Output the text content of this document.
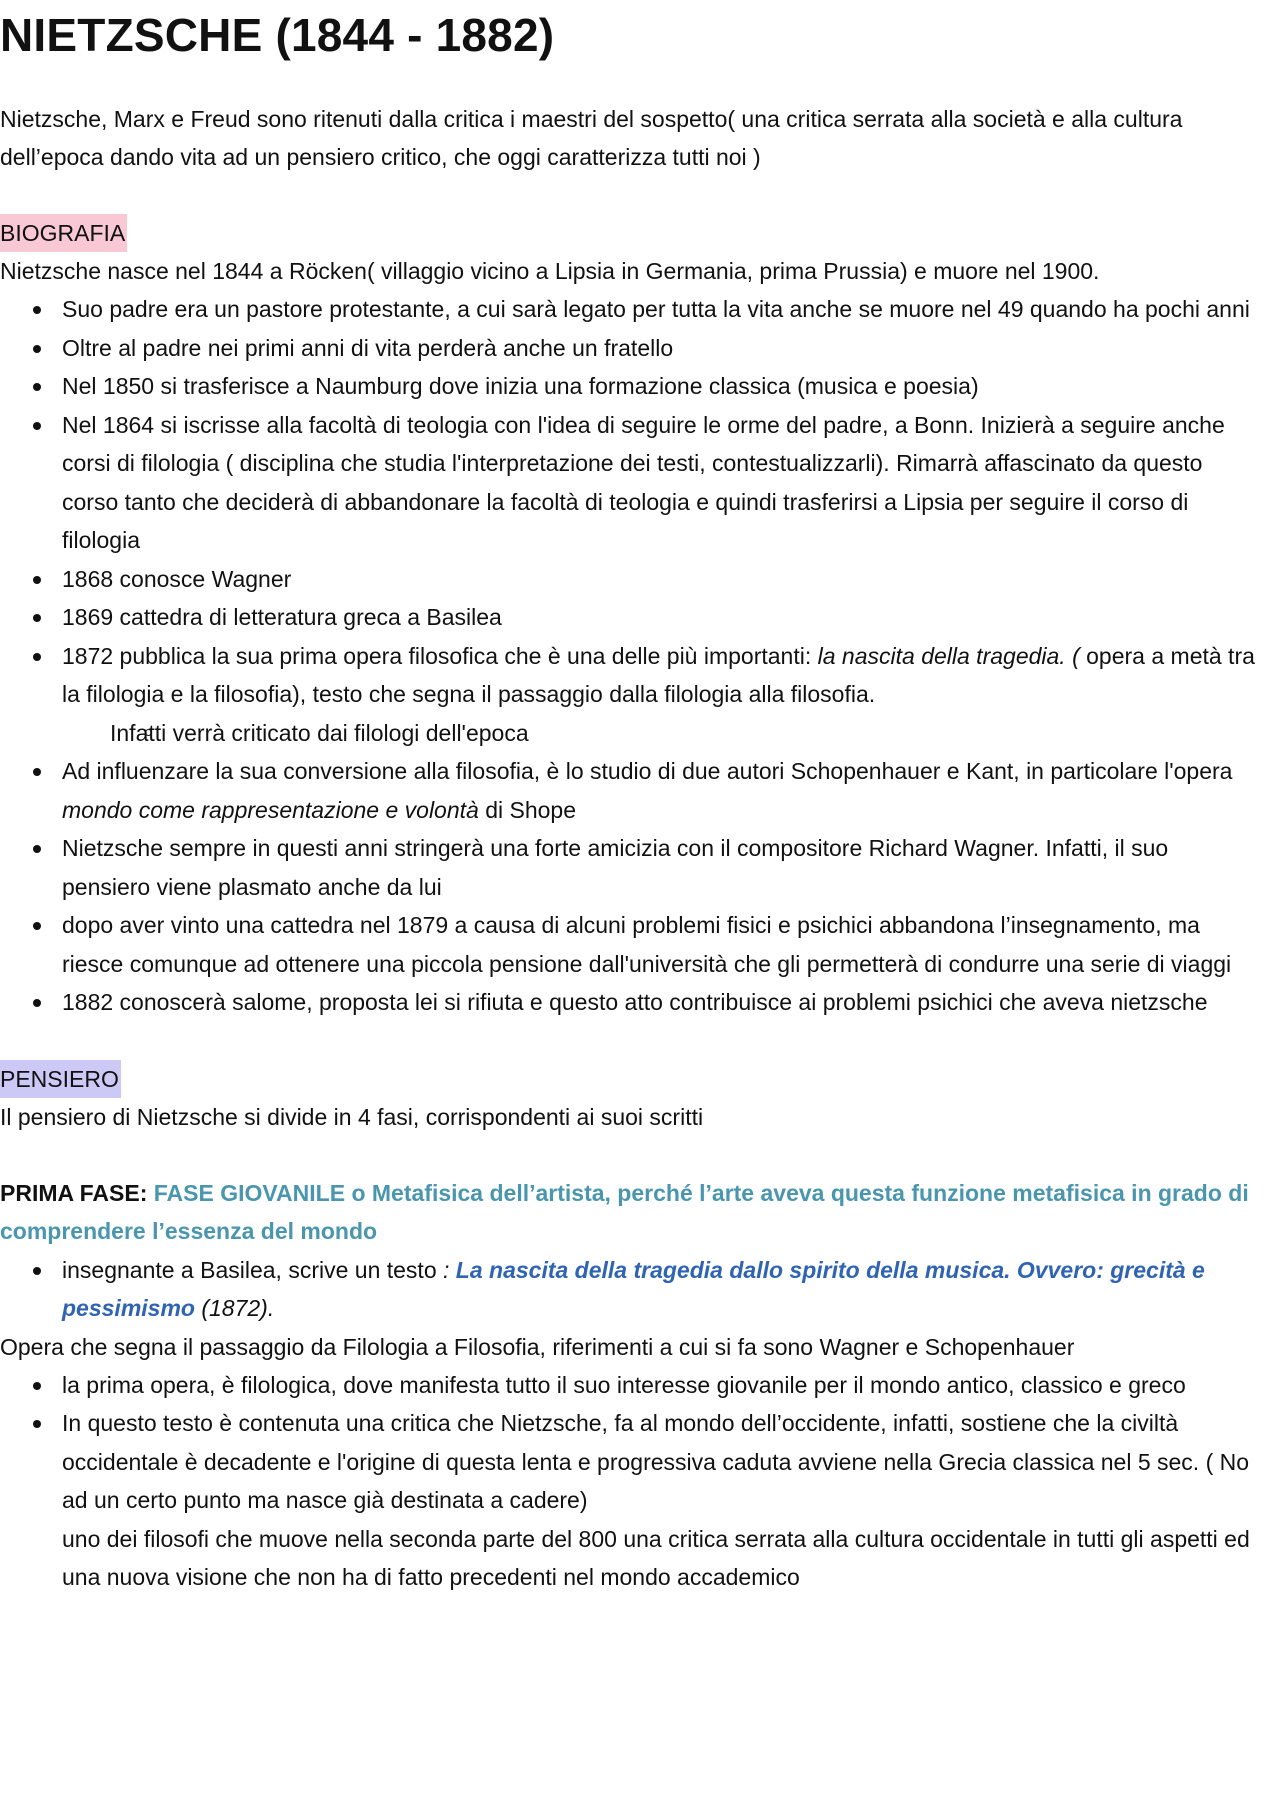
NIETZSCHE (1844 - 1882)

Nietzsche, Marx e Freud sono ritenuti dalla critica i maestri del sospetto( una critica serrata alla società e alla cultura dell’epoca dando vita ad un pensiero critico, che oggi caratterizza tutti noi )

BIOGRAFIA

Nietzsche nasce nel 1844 a Röcken( villaggio vicino a Lipsia in Germania, prima Prussia) e muore nel 1900.

Suo padre era un pastore protestante, a cui sarà legato per tutta la vita anche se muore nel 49 quando ha pochi anni
Oltre al padre nei primi anni di vita perderà anche un fratello
Nel 1850 si trasferisce a Naumburg dove inizia una formazione classica (musica e poesia)
Nel 1864 si iscrisse alla facoltà di teologia con l'idea di seguire le orme del padre, a Bonn. Inizierà a seguire anche corsi di filologia ( disciplina che studia l'interpretazione dei testi, contestualizzarli). Rimarrà affascinato da questo corso tanto che deciderà di abbandonare la facoltà di teologia e quindi trasferirsi a Lipsia per seguire il corso di filologia
1868 conosce Wagner
1869 cattedra di letteratura greca a Basilea
1872 pubblica la sua prima opera filosofica che è una delle più importanti: la nascita della tragedia. ( opera a metà tra la filologia e la filosofia), testo che segna il passaggio dalla filologia alla filosofia.
Infatti verrà criticato dai filologi dell'epoca
Ad influenzare la sua conversione alla filosofia, è lo studio di due autori Schopenhauer e Kant, in particolare l'opera mondo come rappresentazione e volontà di Shope
Nietzsche sempre in questi anni stringerà una forte amicizia con il compositore Richard Wagner. Infatti, il suo pensiero viene plasmato anche da lui
dopo aver vinto una cattedra nel 1879 a causa di alcuni problemi fisici e psichici abbandona l’insegnamento, ma riesce comunque ad ottenere una piccola pensione dall'università che gli permetterà di condurre una serie di viaggi
1882 conoscerà salome, proposta lei si rifiuta e questo atto contribuisce ai problemi psichici che aveva nietzsche
PENSIERO

Il pensiero di Nietzsche si divide in 4 fasi, corrispondenti ai suoi scritti

PRIMA FASE: FASE GIOVANILE o Metafisica dell’artista, perché l’arte aveva questa funzione metafisica in grado di comprendere l’essenza del mondo

insegnante a Basilea, scrive un testo : La nascita della tragedia dallo spirito della musica. Ovvero: grecità e pessimismo (1872).

Opera che segna il passaggio da Filologia a Filosofia, riferimenti a cui si fa sono Wagner e Schopenhauer

la prima opera, è filologica, dove manifesta tutto il suo interesse giovanile per il mondo antico, classico e greco
In questo testo è contenuta una critica che Nietzsche, fa al mondo dell’occidente, infatti, sostiene che la civiltà occidentale è decadente e l'origine di questa lenta e progressiva caduta avviene nella Grecia classica nel 5 sec. ( No ad un certo punto ma nasce già destinata a cadere)
uno dei filosofi che muove nella seconda parte del 800 una critica serrata alla cultura occidentale in tutti gli aspetti ed una nuova visione che non ha di fatto precedenti nel mondo accademico
